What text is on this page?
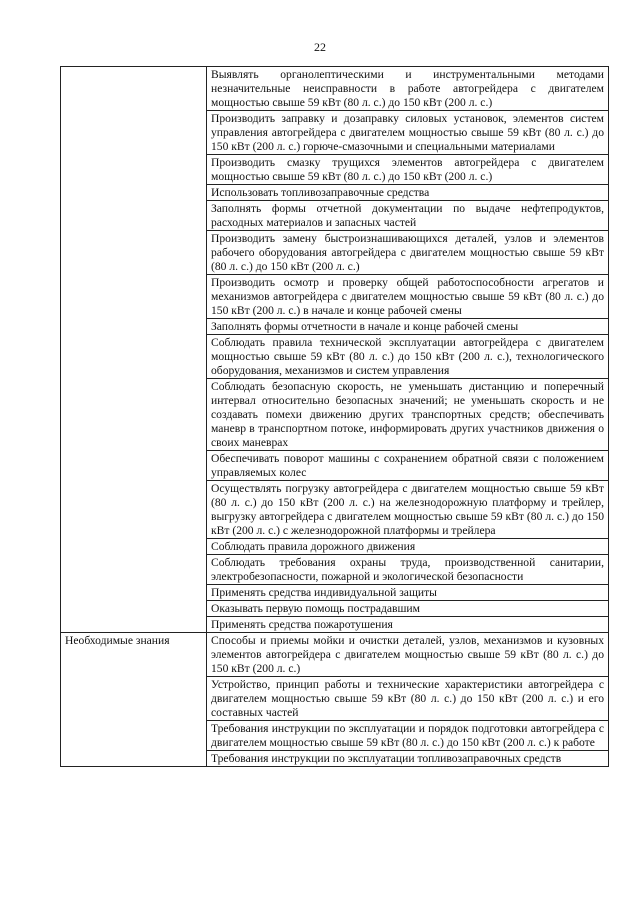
22
	Выявлять органолептическими и инструментальными методами незначительные неисправности в работе автогрейдера с двигателем мощностью свыше 59 кВт (80 л. с.) до 150 кВт (200 л. с.)
	Производить заправку и дозаправку силовых установок, элементов систем управления автогрейдера с двигателем мощностью свыше 59 кВт (80 л. с.) до 150 кВт (200 л. с.) горюче-смазочными и специальными материалами
	Производить смазку трущихся элементов автогрейдера с двигателем мощностью свыше 59 кВт (80 л. с.) до 150 кВт (200 л. с.)
	Использовать топливозаправочные средства
	Заполнять формы отчетной документации по выдаче нефтепродуктов, расходных материалов и запасных частей
	Производить замену быстроизнашивающихся деталей, узлов и элементов рабочего оборудования автогрейдера с двигателем мощностью свыше 59 кВт (80 л. с.) до 150 кВт (200 л. с.)
	Производить осмотр и проверку общей работоспособности агрегатов и механизмов автогрейдера с двигателем мощностью свыше 59 кВт (80 л. с.) до 150 кВт (200 л. с.) в начале и конце рабочей смены
	Заполнять формы отчетности в начале и конце рабочей смены
	Соблюдать правила технической эксплуатации автогрейдера с двигателем мощностью свыше 59 кВт (80 л. с.) до 150 кВт (200 л. с.), технологического оборудования, механизмов и систем управления
	Соблюдать безопасную скорость, не уменьшать дистанцию и поперечный интервал относительно безопасных значений; не уменьшать скорость и не создавать помехи движению других транспортных средств; обеспечивать маневр в транспортном потоке, информировать других участников движения о своих маневрах
	Обеспечивать поворот машины с сохранением обратной связи с положением управляемых колес
	Осуществлять погрузку автогрейдера с двигателем мощностью свыше 59 кВт (80 л. с.) до 150 кВт (200 л. с.) на железнодорожную платформу и трейлер, выгрузку автогрейдера с двигателем мощностью свыше 59 кВт (80 л. с.) до 150 кВт (200 л. с.) с железнодорожной платформы и трейлера
	Соблюдать правила дорожного движения
	Соблюдать требования охраны труда, производственной санитарии, электробезопасности, пожарной и экологической безопасности
	Применять средства индивидуальной защиты
	Оказывать первую помощь пострадавшим
	Применять средства пожаротушения
Необходимые знания	Способы и приемы мойки и очистки деталей, узлов, механизмов и кузовных элементов автогрейдера с двигателем мощностью свыше 59 кВт (80 л. с.) до 150 кВт (200 л. с.)
	Устройство, принцип работы и технические характеристики автогрейдера с двигателем мощностью свыше 59 кВт (80 л. с.) до 150 кВт (200 л. с.) и его составных частей
	Требования инструкции по эксплуатации и порядок подготовки автогрейдера с двигателем мощностью свыше 59 кВт (80 л. с.) до 150 кВт (200 л. с.) к работе
	Требования инструкции по эксплуатации топливозаправочных средств
